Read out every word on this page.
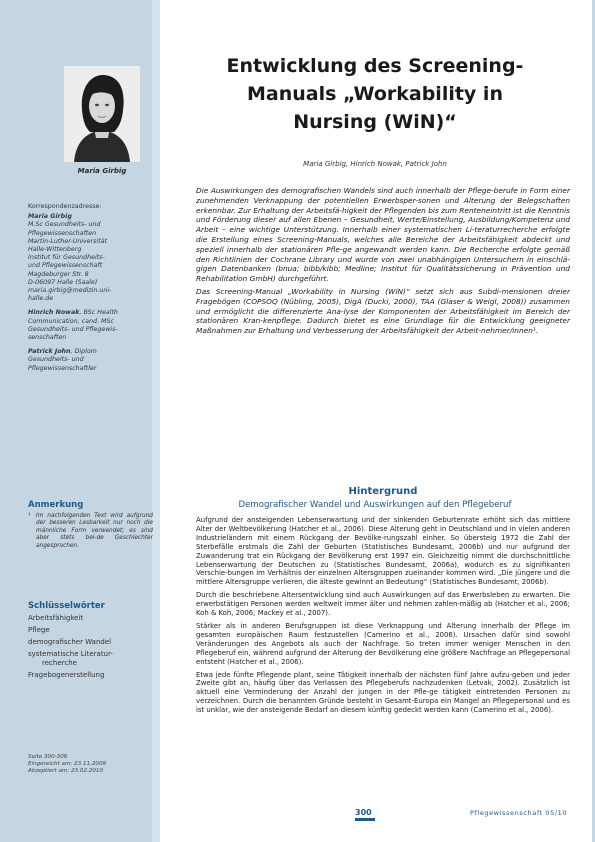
Maria Girbig
Korrespondenzadresse:
Maria Girbig
M.Sc Gesundheits- und
Pflegewissenschaften
Martin-Luther-Universität
Halle-Wittenberg
Institut für Gesundheits-
und Pflegewissenschaft
Magdeburger Str. 8
D-06097 Halle (Saale)
maria.girbig@medizin.uni-
halle.de
Hinrich Nowak, BSc Health
Communication, cand. MSc
Gesundheits- und Pflegewis-
senschaften
Patrick John, Diplom
Gesundheits- und
Pflegewissenschaftler
Anmerkung
¹ Im nachfolgenden Text wird aufgrund der besseren Lesbarkeit nur noch die männliche Form verwendet; es sind aber stets bei-de Geschlechter angesprochen.
Schlüsselwörter
Arbeitsfähigkeit
Pflege
demografischer Wandel
systematische Literatur-
recherche
Fragebogenerstellung
Seite 300-306
Eingereicht am: 23.11.2009
Akzeptiert am: 23.02.2010
Entwicklung des Screening-
Manuals „Workability in
Nursing (WiN)“
Maria Girbig, Hinrich Nowak, Patrick John

Die Auswirkungen des demografischen Wandels sind auch innerhalb der Pflege-berufe in Form einer zunehmenden Verknappung der potentiellen Erwerbsper-sonen und Alterung der Belegschaften erkennbar. Zur Erhaltung der Arbeitsfä-higkeit der Pflegenden bis zum Renteneintritt ist die Kenntnis und Förderung dieser auf allen Ebenen – Gesundheit, Werte/Einstellung, Ausbildung/Kompetenz und Arbeit – eine wichtige Unterstützung. Innerhalb einer systematischen Li-teraturrecherche erfolgte die Erstellung eines Screening-Manuals, welches alle Bereiche der Arbeitsfähigkeit abdeckt und speziell innerhalb der stationären Pfle-ge angewandt werden kann. Die Recherche erfolgte gemäß den Richtlinien der Cochrane Library und wurde von zwei unabhängigen Untersuchern in einschlä-gigen Datenbanken (bnua; bibb/kibb; Medline; Institut für Qualitätssicherung in Prävention und Rehabilitation GmbH) durchgeführt.

Das Screening-Manual „Workability in Nursing (WiN)“ setzt sich aus Subdi-mensionen dreier Fragebögen (COPSOQ (Nübling, 2005), DigA (Ducki, 2000), TAA (Glaser & Weigl, 2008)) zusammen und ermöglicht die differenzierte Ana-lyse der Komponenten der Arbeitsfähigkeit im Bereich der stationären Kran-kenpflege. Dadurch bietet es eine Grundlage für die Entwicklung geeigneter Maßnahmen zur Erhaltung und Verbesserung der Arbeitsfähigkeit der Arbeit-nehmer/innen¹.

Hintergrund
Demografischer Wandel und Auswirkungen auf den Pflegeberuf

Aufgrund der ansteigenden Lebenserwartung und der sinkenden Geburtenrate erhöht sich das mittlere Alter der Weltbevölkerung (Hatcher et al., 2006). Diese Alterung geht in Deutschland und in vielen anderen Industrieländern mit einem Rückgang der Bevölke-rungszahl einher. So übersteig 1972 die Zahl der Sterbefälle erstmals die Zahl der Geburten (Statistisches Bundesamt, 2006b) und nur aufgrund der Zuwanderung trat ein Rückgang der Bevölkerung erst 1997 ein. Gleichzeitig nimmt die durchschnittliche Lebenserwartung der Deutschen zu (Statistisches Bundesamt, 2006a), wodurch es zu signifikanten Verschie-bungen im Verhältnis der einzelnen Altersgruppen zueinander kommen wird. „Die jüngere und die mittlere Altersgruppe verlieren, die älteste gewinnt an Bedeutung“ (Statistisches Bundesamt, 2006b).

Durch die beschriebene Altersentwicklung sind auch Auswirkungen auf das Erwerbsleben zu erwarten. Die erwerbstätigen Personen werden weltweit immer älter und nehmen zahlen-mäßig ab (Hatcher et al., 2006; Koh & Koh, 2006; Mackey et al., 2007).

Stärker als in anderen Berufsgruppen ist diese Verknappung und Alterung innerhalb der Pflege im gesamten europäischen Raum festzustellen (Camerino et al., 2006). Ursachen dafür sind sowohl Veränderungen des Angebots als auch der Nachfrage. So treten immer weniger Menschen in den Pflegeberuf ein, während aufgrund der Alterung der Bevölkerung eine größere Nachfrage an Pflegepersonal entsteht (Hatcher et al., 2006).

Etwa jede fünfte Pflegende plant, seine Tätigkeit innerhalb der nächsten fünf Jahre aufzu-geben und jeder Zweite gibt an, häufig über das Verlassen des Pflegeberufs nachzudenken (Letvak, 2002). Zusätzlich ist aktuell eine Verminderung der Anzahl der jungen in der Pfle-ge tätigkeit eintretenden Personen zu verzeichnen. Durch die benannten Gründe besteht in Gesamt-Europa ein Mangel an Pflegepersonal und es ist unklar, wie der ansteigende Bedarf an diesem künftig gedeckt werden kann (Camerino et al., 2006).

300	Pflegewissenschaft 05/10
